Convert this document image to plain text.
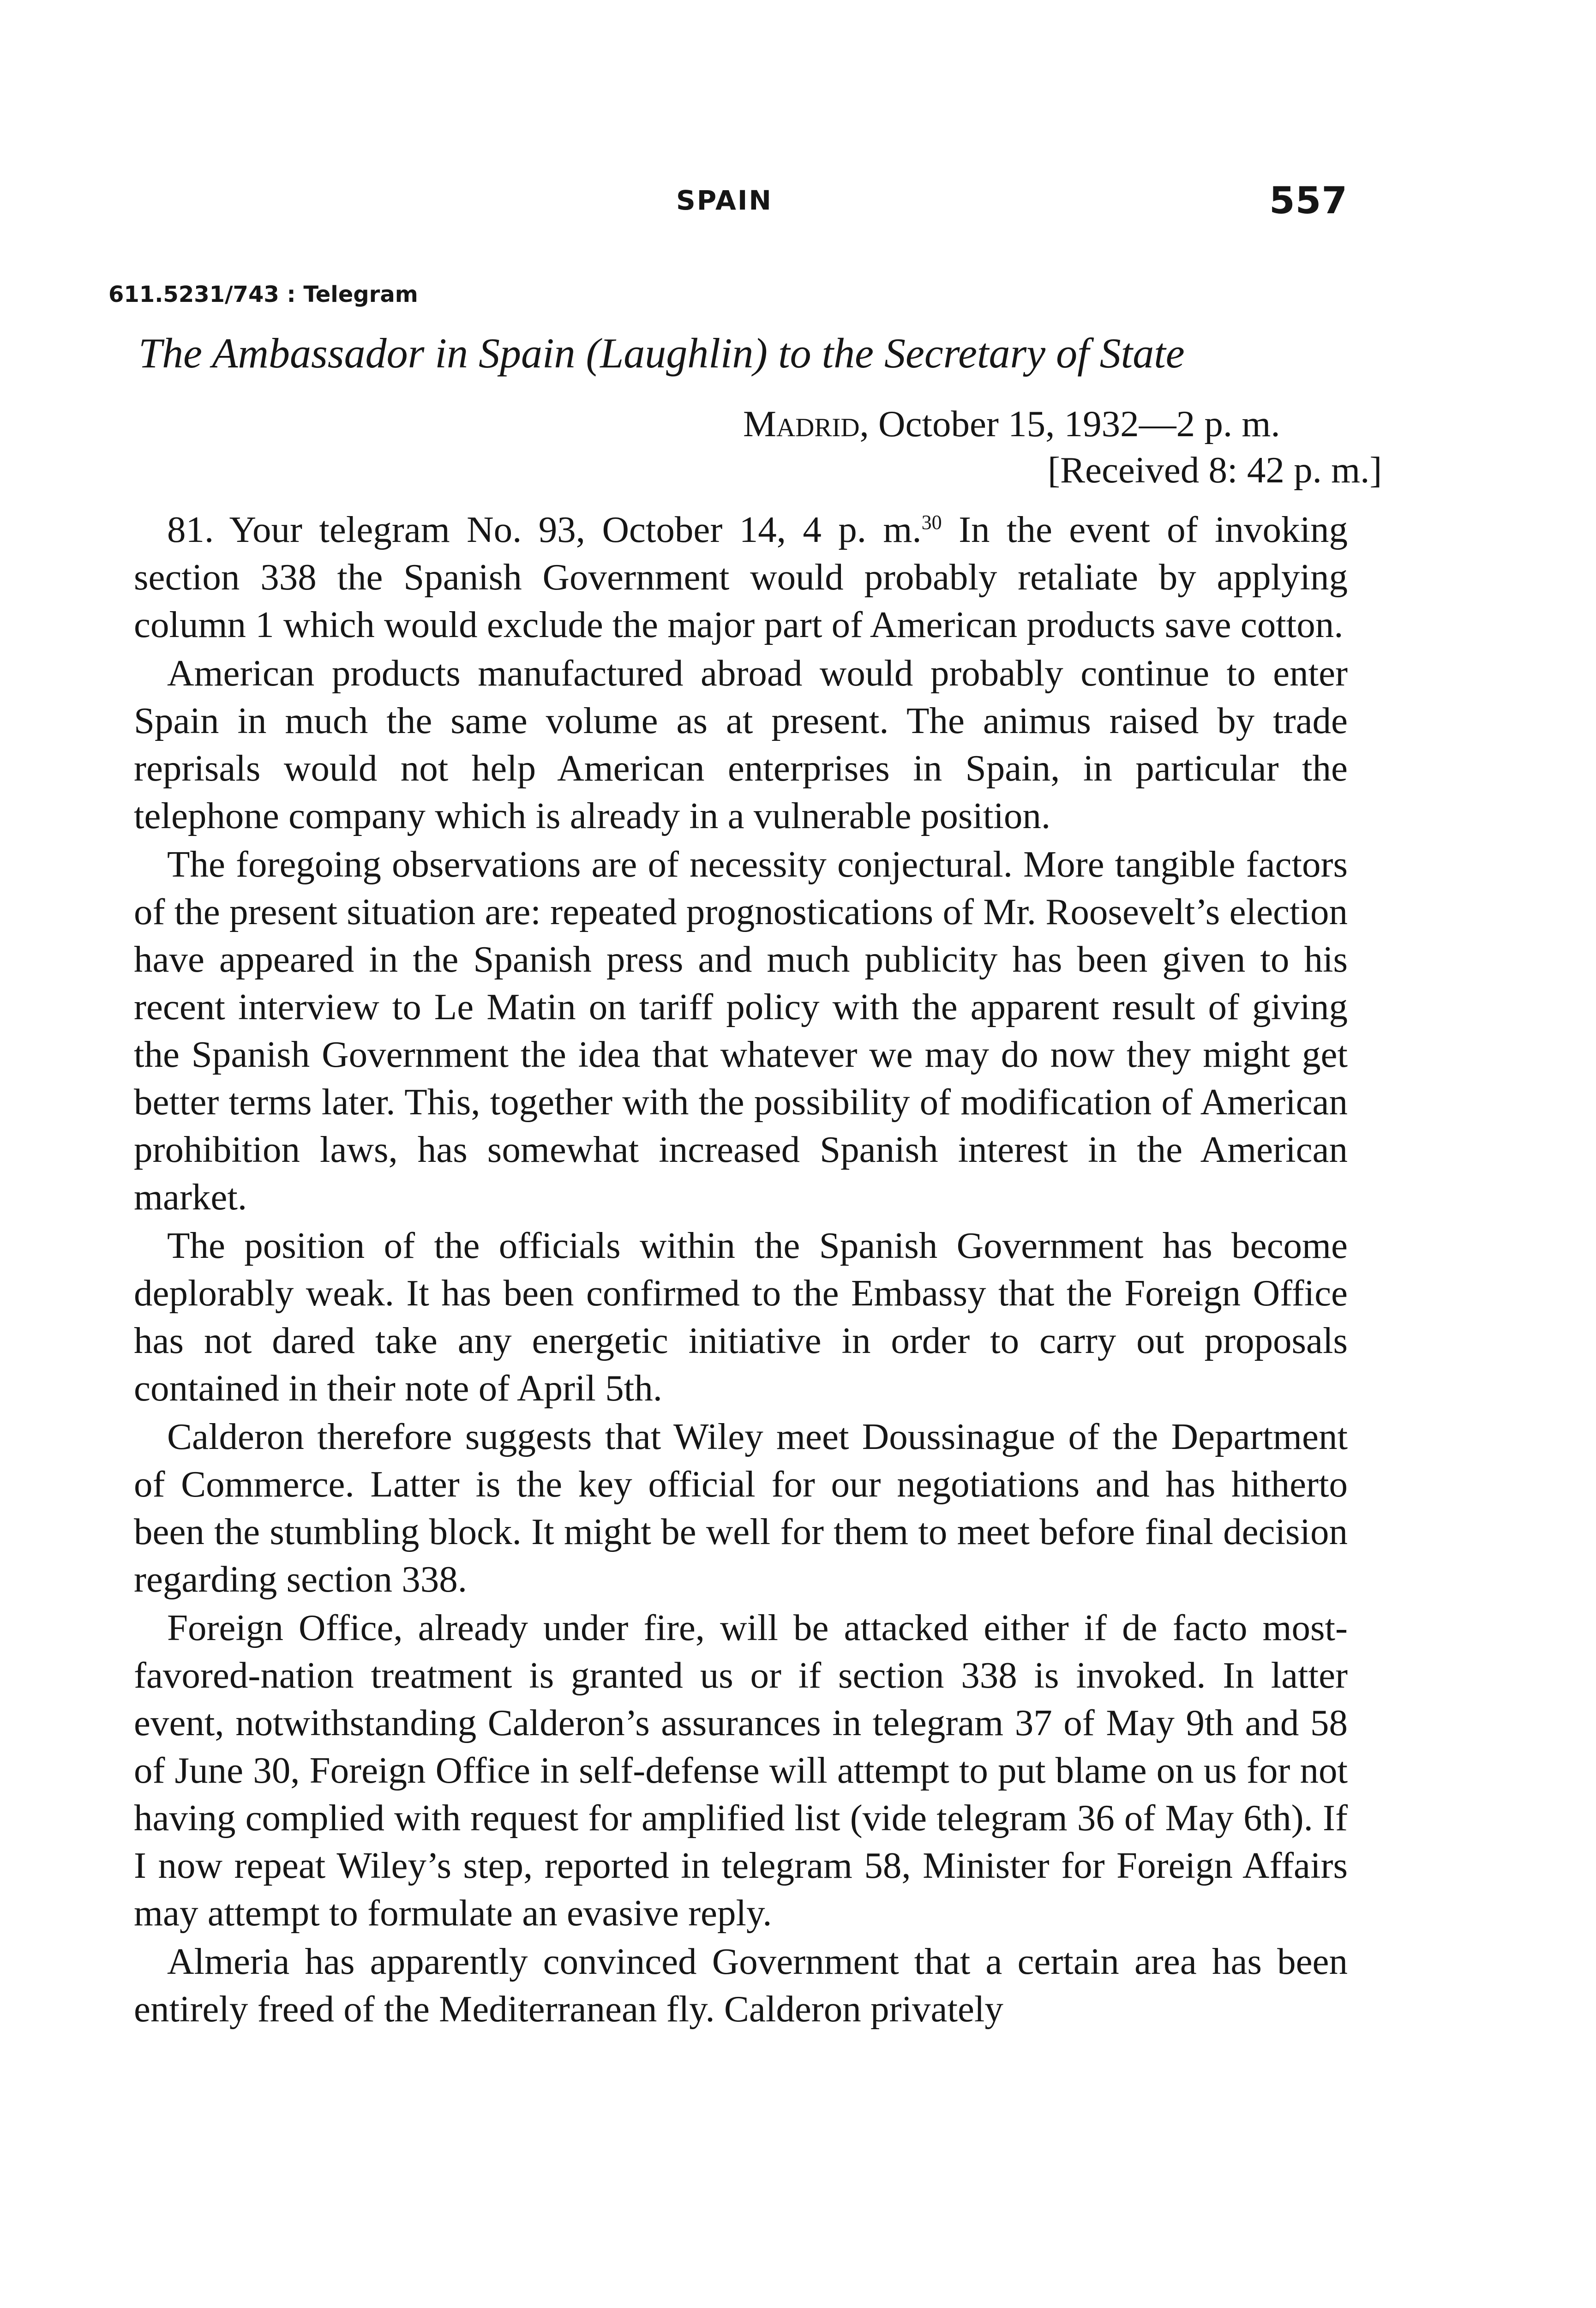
SPAIN	557
611.5231/743 : Telegram
The Ambassador in Spain (Laughlin) to the Secretary of State
Madrid, October 15, 1932—2 p. m.
[Received 8: 42 p. m.]

81. Your telegram No. 93, October 14, 4 p. m.$^{30}$ In the event of invoking section 338 the Spanish Government would probably retaliate by applying column 1 which would exclude the major part of American products save cotton.

American products manufactured abroad would probably continue to enter Spain in much the same volume as at present. The animus raised by trade reprisals would not help American enterprises in Spain, in particular the telephone company which is already in a vulnerable position.

The foregoing observations are of necessity conjectural. More tangible factors of the present situation are: repeated prognostications of Mr. Roosevelt’s election have appeared in the Spanish press and much publicity has been given to his recent interview to Le Matin on tariff policy with the apparent result of giving the Spanish Government the idea that whatever we may do now they might get better terms later. This, together with the possibility of modification of American prohibition laws, has somewhat increased Spanish interest in the American market.

The position of the officials within the Spanish Government has become deplorably weak. It has been confirmed to the Embassy that the Foreign Office has not dared take any energetic initiative in order to carry out proposals contained in their note of April 5th.

Calderon therefore suggests that Wiley meet Doussinague of the Department of Commerce. Latter is the key official for our negotiations and has hitherto been the stumbling block. It might be well for them to meet before final decision regarding section 338.

Foreign Office, already under fire, will be attacked either if de facto most-favored-nation treatment is granted us or if section 338 is invoked. In latter event, notwithstanding Calderon’s assurances in telegram 37 of May 9th and 58 of June 30, Foreign Office in self-defense will attempt to put blame on us for not having complied with request for amplified list (vide telegram 36 of May 6th). If I now repeat Wiley’s step, reported in telegram 58, Minister for Foreign Affairs may attempt to formulate an evasive reply.

Almeria has apparently convinced Government that a certain area has been entirely freed of the Mediterranean fly. Calderon privately
